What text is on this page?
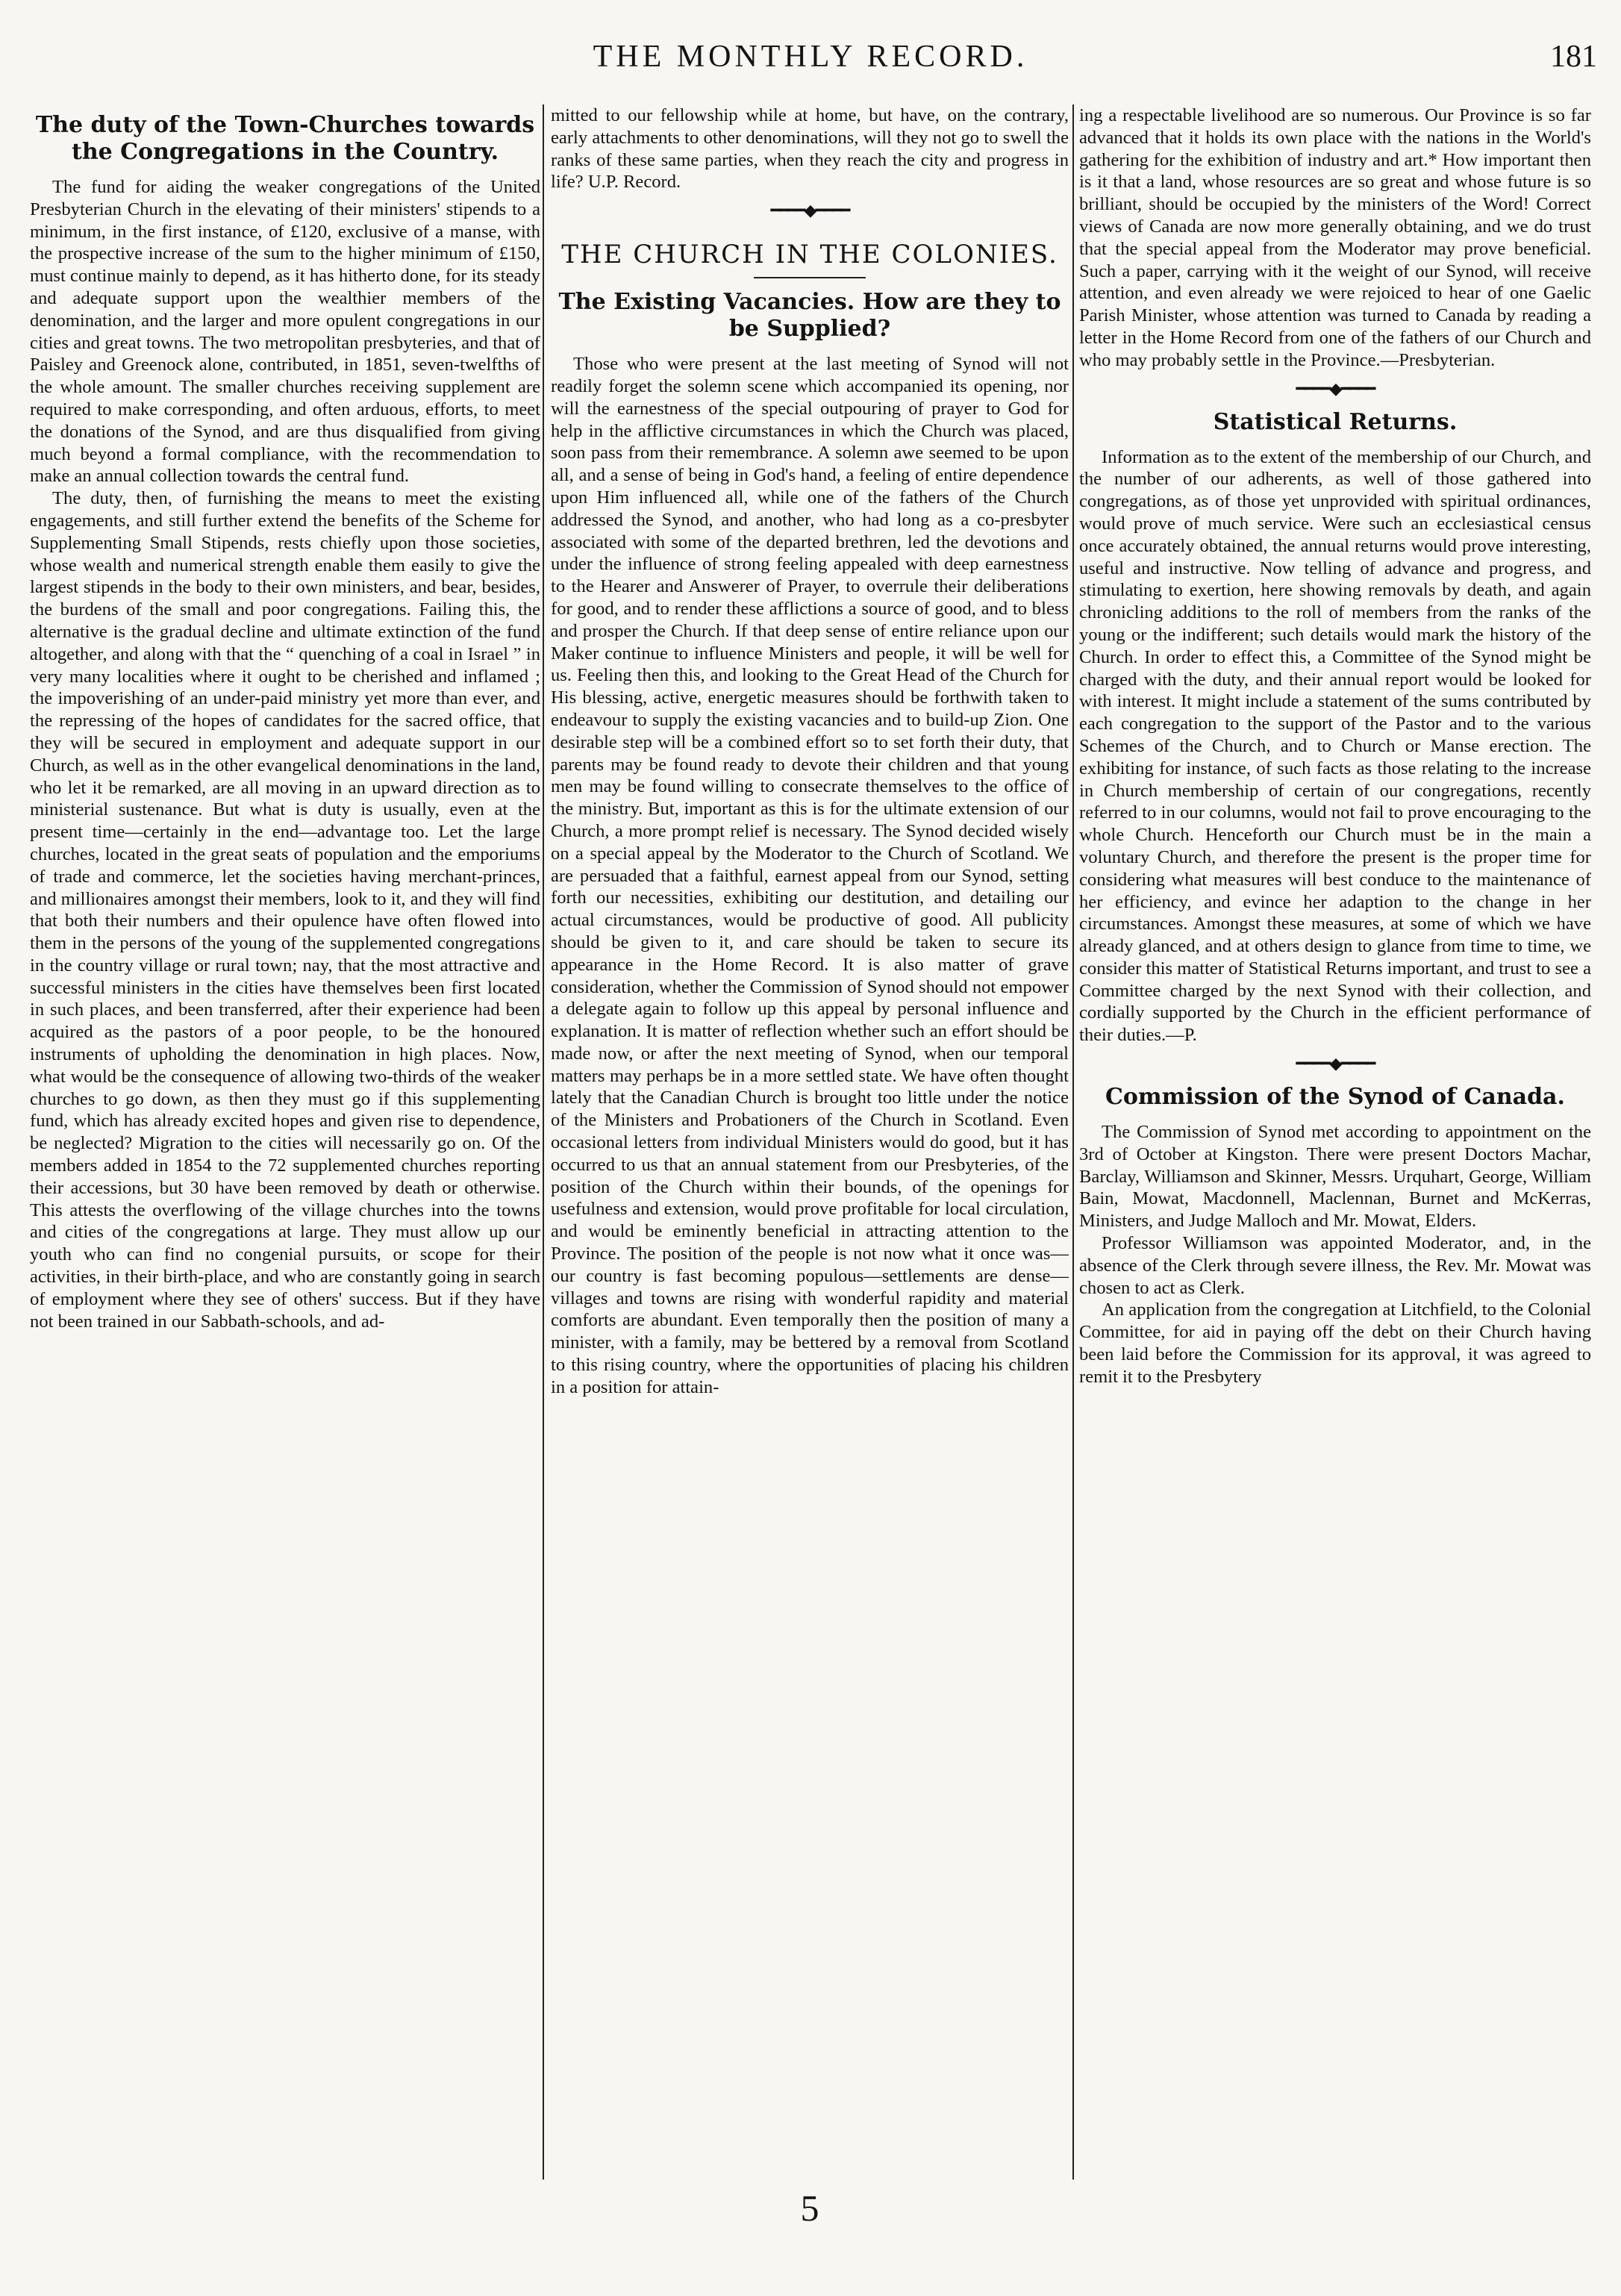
THE MONTHLY RECORD.	181
The duty of the Town-Churches towards the Congregations in the Country.

The fund for aiding the weaker congregations of the United Presbyterian Church in the elevating of their ministers' stipends to a minimum, in the first instance, of £120, exclusive of a manse, with the prospective increase of the sum to the higher minimum of £150, must continue mainly to depend, as it has hitherto done, for its steady and adequate support upon the wealthier members of the denomination, and the larger and more opulent congregations in our cities and great towns. The two metropolitan presbyteries, and that of Paisley and Greenock alone, contributed, in 1851, seven-twelfths of the whole amount. The smaller churches receiving supplement are required to make corresponding, and often arduous, efforts, to meet the donations of the Synod, and are thus disqualified from giving much beyond a formal compliance, with the recommendation to make an annual collection towards the central fund.

The duty, then, of furnishing the means to meet the existing engagements, and still further extend the benefits of the Scheme for Supplementing Small Stipends, rests chiefly upon those societies, whose wealth and numerical strength enable them easily to give the largest stipends in the body to their own ministers, and bear, besides, the burdens of the small and poor congregations. Failing this, the alternative is the gradual decline and ultimate extinction of the fund altogether, and along with that the “ quenching of a coal in Israel ” in very many localities where it ought to be cherished and inflamed ; the impoverishing of an under-paid ministry yet more than ever, and the repressing of the hopes of candidates for the sacred office, that they will be secured in employment and adequate support in our Church, as well as in the other evangelical denominations in the land, who let it be remarked, are all moving in an upward direction as to ministerial sustenance. But what is duty is usually, even at the present time—certainly in the end—advantage too. Let the large churches, located in the great seats of population and the emporiums of trade and commerce, let the societies having merchant-princes, and millionaires amongst their members, look to it, and they will find that both their numbers and their opulence have often flowed into them in the persons of the young of the supplemented congregations in the country village or rural town; nay, that the most attractive and successful ministers in the cities have themselves been first located in such places, and been transferred, after their experience had been acquired as the pastors of a poor people, to be the honoured instruments of upholding the denomination in high places. Now, what would be the consequence of allowing two-thirds of the weaker churches to go down, as then they must go if this supplementing fund, which has already excited hopes and given rise to dependence, be neglected? Migration to the cities will necessarily go on. Of the members added in 1854 to the 72 supplemented churches reporting their accessions, but 30 have been removed by death or otherwise. This attests the overflowing of the village churches into the towns and cities of the congregations at large. They must allow up our youth who can find no congenial pursuits, or scope for their activities, in their birth-place, and who are constantly going in search of employment where they see of others' success. But if they have not been trained in our Sabbath-schools, and ad-

mitted to our fellowship while at home, but have, on the contrary, early attachments to other denominations, will they not go to swell the ranks of these same parties, when they reach the city and progress in life? U.P. Record.

━━━━◆━━━━
THE CHURCH IN THE COLONIES.
The Existing Vacancies. How are they to be Supplied?

Those who were present at the last meeting of Synod will not readily forget the solemn scene which accompanied its opening, nor will the earnestness of the special outpouring of prayer to God for help in the afflictive circumstances in which the Church was placed, soon pass from their remembrance. A solemn awe seemed to be upon all, and a sense of being in God's hand, a feeling of entire dependence upon Him influenced all, while one of the fathers of the Church addressed the Synod, and another, who had long as a co-presbyter associated with some of the departed brethren, led the devotions and under the influence of strong feeling appealed with deep earnestness to the Hearer and Answerer of Prayer, to overrule their deliberations for good, and to render these afflictions a source of good, and to bless and prosper the Church. If that deep sense of entire reliance upon our Maker continue to influence Ministers and people, it will be well for us. Feeling then this, and looking to the Great Head of the Church for His blessing, active, energetic measures should be forthwith taken to endeavour to supply the existing vacancies and to build-up Zion. One desirable step will be a combined effort so to set forth their duty, that parents may be found ready to devote their children and that young men may be found willing to consecrate themselves to the office of the ministry. But, important as this is for the ultimate extension of our Church, a more prompt relief is necessary. The Synod decided wisely on a special appeal by the Moderator to the Church of Scotland. We are persuaded that a faithful, earnest appeal from our Synod, setting forth our necessities, exhibiting our destitution, and detailing our actual circumstances, would be productive of good. All publicity should be given to it, and care should be taken to secure its appearance in the Home Record. It is also matter of grave consideration, whether the Commission of Synod should not empower a delegate again to follow up this appeal by personal influence and explanation. It is matter of reflection whether such an effort should be made now, or after the next meeting of Synod, when our temporal matters may perhaps be in a more settled state. We have often thought lately that the Canadian Church is brought too little under the notice of the Ministers and Probationers of the Church in Scotland. Even occasional letters from individual Ministers would do good, but it has occurred to us that an annual statement from our Presbyteries, of the position of the Church within their bounds, of the openings for usefulness and extension, would prove profitable for local circulation, and would be eminently beneficial in attracting attention to the Province. The position of the people is not now what it once was—our country is fast becoming populous—settlements are dense—villages and towns are rising with wonderful rapidity and material comforts are abundant. Even temporally then the position of many a minister, with a family, may be bettered by a removal from Scotland to this rising country, where the opportunities of placing his children in a position for attain-

ing a respectable livelihood are so numerous. Our Province is so far advanced that it holds its own place with the nations in the World's gathering for the exhibition of industry and art.* How important then is it that a land, whose resources are so great and whose future is so brilliant, should be occupied by the ministers of the Word! Correct views of Canada are now more generally obtaining, and we do trust that the special appeal from the Moderator may prove beneficial. Such a paper, carrying with it the weight of our Synod, will receive attention, and even already we were rejoiced to hear of one Gaelic Parish Minister, whose attention was turned to Canada by reading a letter in the Home Record from one of the fathers of our Church and who may probably settle in the Province.—Presbyterian.

━━━━◆━━━━
Statistical Returns.

Information as to the extent of the membership of our Church, and the number of our adherents, as well of those gathered into congregations, as of those yet unprovided with spiritual ordinances, would prove of much service. Were such an ecclesiastical census once accurately obtained, the annual returns would prove interesting, useful and instructive. Now telling of advance and progress, and stimulating to exertion, here showing removals by death, and again chronicling additions to the roll of members from the ranks of the young or the indifferent; such details would mark the history of the Church. In order to effect this, a Committee of the Synod might be charged with the duty, and their annual report would be looked for with interest. It might include a statement of the sums contributed by each congregation to the support of the Pastor and to the various Schemes of the Church, and to Church or Manse erection. The exhibiting for instance, of such facts as those relating to the increase in Church membership of certain of our congregations, recently referred to in our columns, would not fail to prove encouraging to the whole Church. Henceforth our Church must be in the main a voluntary Church, and therefore the present is the proper time for considering what measures will best conduce to the maintenance of her efficiency, and evince her adaption to the change in her circumstances. Amongst these measures, at some of which we have already glanced, and at others design to glance from time to time, we consider this matter of Statistical Returns important, and trust to see a Committee charged by the next Synod with their collection, and cordially supported by the Church in the efficient performance of their duties.—P.

━━━━◆━━━━
Commission of the Synod of Canada.

The Commission of Synod met according to appointment on the 3rd of October at Kingston. There were present Doctors Machar, Barclay, Williamson and Skinner, Messrs. Urquhart, George, William Bain, Mowat, Macdonnell, Maclennan, Burnet and McKerras, Ministers, and Judge Malloch and Mr. Mowat, Elders.

Professor Williamson was appointed Moderator, and, in the absence of the Clerk through severe illness, the Rev. Mr. Mowat was chosen to act as Clerk.

An application from the congregation at Litchfield, to the Colonial Committee, for aid in paying off the debt on their Church having been laid before the Commission for its approval, it was agreed to remit it to the Presbytery

5
